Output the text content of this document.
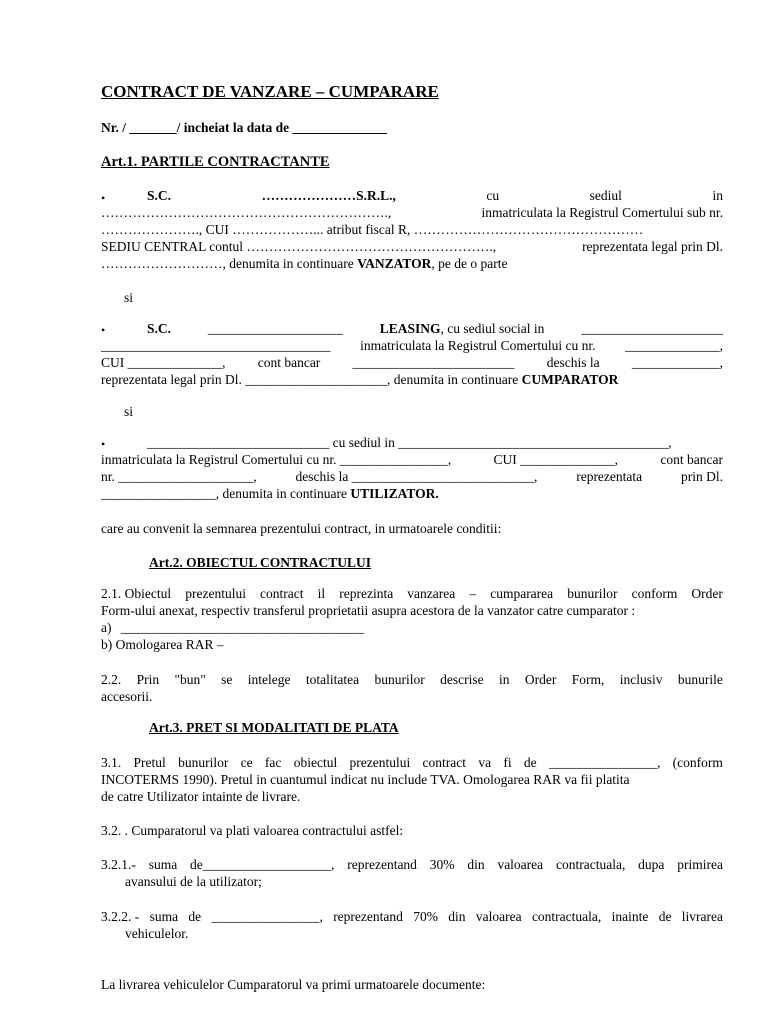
CONTRACT DE VANZARE – CUMPARARE
Nr. / _______/ incheiat la data de ______________
Art.1. PARTILE CONTRACTANTE
•	S.C.	…………………S.R.L.,	cu	sediul	in
……………………………………………………….,	inmatriculata la Registrul Comertului sub nr.
…………………., CUI ………………... atribut fiscal R, ……………………………………………
SEDIU CENTRAL contul ……………………………………………….,	reprezentata legal prin Dl.
………………………, denumita in continuare VANZATOR, pe de o parte
si
•	S.C.	____________________	LEASING, cu sediul social in	_____________________
__________________________________ inmatriculata la Registrul Comertului cu nr. ______________,
CUI ______________, cont bancar ________________________ deschis la _____________,
reprezentata legal prin Dl. _____________________, denumita in continuare CUMPARATOR
si
•	___________________________ cu sediul in ________________________________________,
inmatriculata la Registrul Comertului cu nr. ________________,	CUI ______________,	cont bancar
nr. ____________________,	deschis la ___________________________,	reprezentata	prin Dl.
_________________, denumita in continuare UTILIZATOR.
care au convenit la semnarea prezentului contract, in urmatoarele conditii:
Art.2. OBIECTUL CONTRACTULUI
2.1. Obiectul prezentului contract il reprezinta vanzarea – cumpararea bunurilor conform Order
Form-ului anexat, respectiv transferul proprietatii asupra acestora de la vanzator catre cumparator :
a) ____________________________________
b) Omologarea RAR –
2.2. Prin "bun" se intelege totalitatea bunurilor descrise in Order Form, inclusiv bunurile
accesorii.
Art.3. PRET SI MODALITATI DE PLATA
3.1. Pretul bunurilor ce fac obiectul prezentului contract va fi de ________________, (conform
INCOTERMS 1990). Pretul in cuantumul indicat nu include TVA. Omologarea RAR va fii platita
de catre Utilizator intainte de livrare.
3.2. . Cumparatorul va plati valoarea contractului astfel:
3.2.1.- suma de___________________, reprezentand 30% din valoarea contractuala, dupa primirea
avansului de la utilizator;
3.2.2. - suma de ________________, reprezentand 70% din valoarea contractuala, inainte de livrarea
vehiculelor.
La livrarea vehiculelor Cumparatorul va primi urmatoarele documente:
